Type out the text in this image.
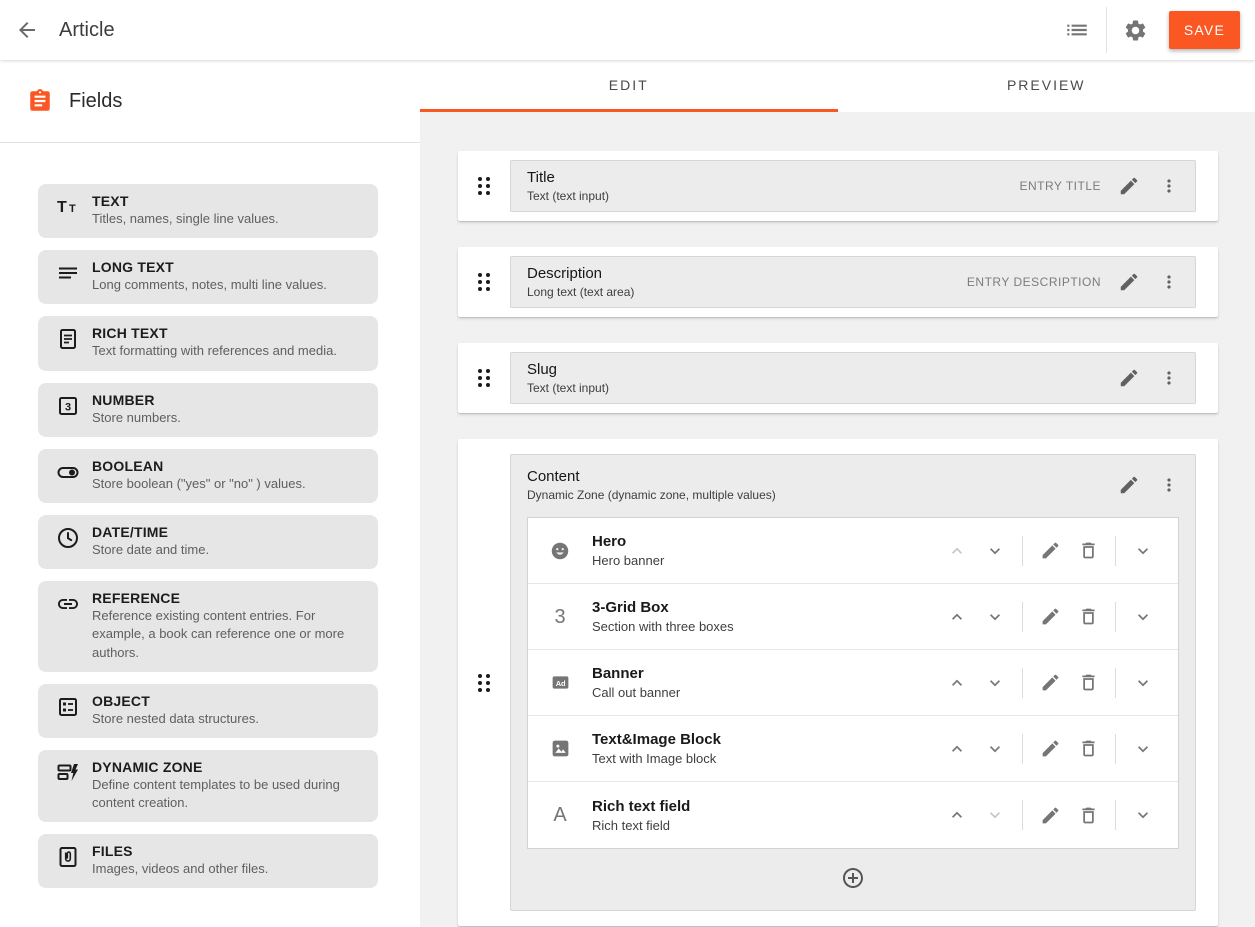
Article	SAVE
Fields
T T TEXT
Titles, names, single line values.
LONG TEXT
Long comments, notes, multi line values.
RICH TEXT
Text formatting with references and media.
3 NUMBER
Store numbers.
BOOLEAN
Store boolean ("yes" or "no" ) values.
DATE/TIME
Store date and time.
REFERENCE
Reference existing content entries. For example, a book can reference one or more authors.
OBJECT
Store nested data structures.
DYNAMIC ZONE
Define content templates to be used during content creation.
FILES
Images, videos and other files.
EDIT	PREVIEW
Title
Text (text input)
ENTRY TITLE
Description
Long text (text area)
ENTRY DESCRIPTION
Slug
Text (text input)
Content
Dynamic Zone (dynamic zone, multiple values)
Hero
Hero banner
3 3-Grid Box
Section with three boxes
Ad
Banner
Call out banner
Text&Image Block
Text with Image block
A Rich text field
Rich text field
